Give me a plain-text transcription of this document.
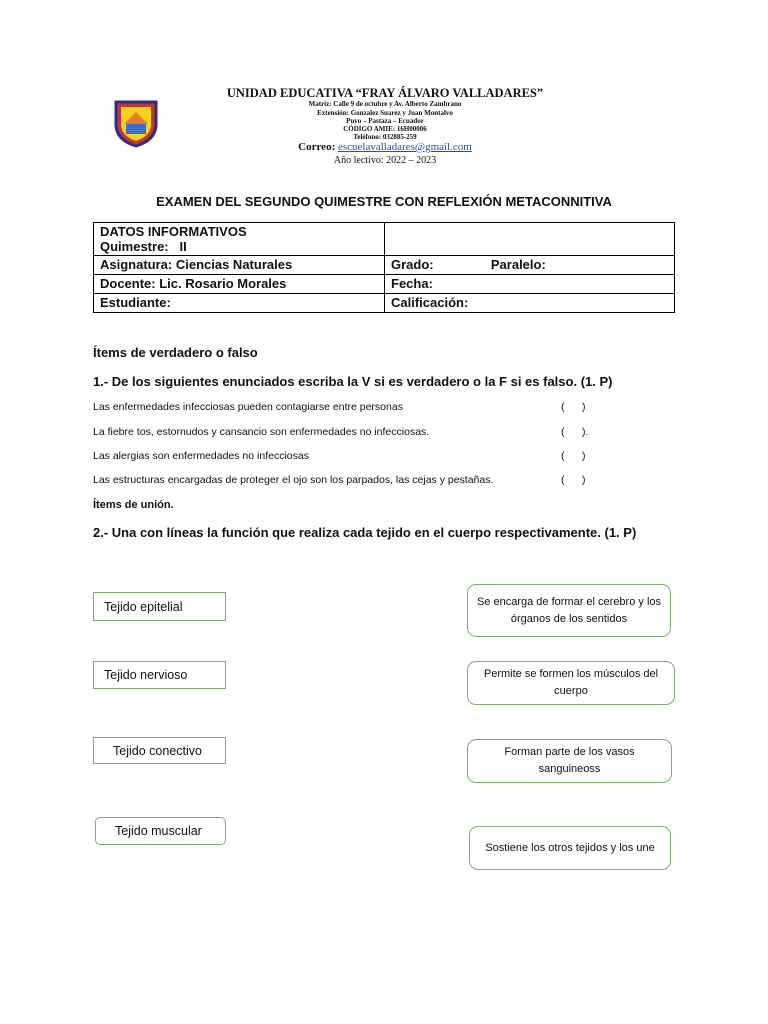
UNIDAD EDUCATIVA “FRAY ÁLVARO VALLADARES”
Matriz: Calle 9 de octubre y Av. Alberto Zambrano
Extensión: Gonzalez Suarez y Juan Montalvo
Puyo – Pastaza – Ecuador
CÓDIGO AMIE: 16H00006
Teléfono: 032885-259
Correo: escuelavalladares@gmail.com
Año lectivo: 2022 – 2023
EXAMEN DEL SEGUNDO QUIMESTRE CON REFLEXIÓN METACONNITIVA
DATOS INFORMATIVOS
Quimestre:   II	

Asignatura: Ciencias Naturales	Grado: Paralelo:
Docente: Lic. Rosario Morales	Fecha:
Estudiante:	Calificación:
Ítems de verdadero o falso
1.- De los siguientes enunciados escriba la V si es verdadero o la F si es falso. (1. P)
Las enfermedades infecciosas pueden contagiarse entre personas	(      )
La fiebre tos, estornudos y cansancio son enfermedades no infecciosas.	(      ).
Las alergias son enfermedades no infecciosas	(      )
Las estructuras encargadas de proteger el ojo son los parpados, las cejas y pestañas.	(      )
Ítems de unión.
2.- Una con líneas la función que realiza cada tejido en el cuerpo respectivamente. (1. P)
Tejido epitelial
Tejido nervioso
Tejido conectivo
Tejido muscular
Se encarga de formar el cerebro y los órganos de los sentidos
Permite se formen los músculos del cuerpo
Forman parte de los vasos sanguineoss
Sostiene los otros tejidos y los une
